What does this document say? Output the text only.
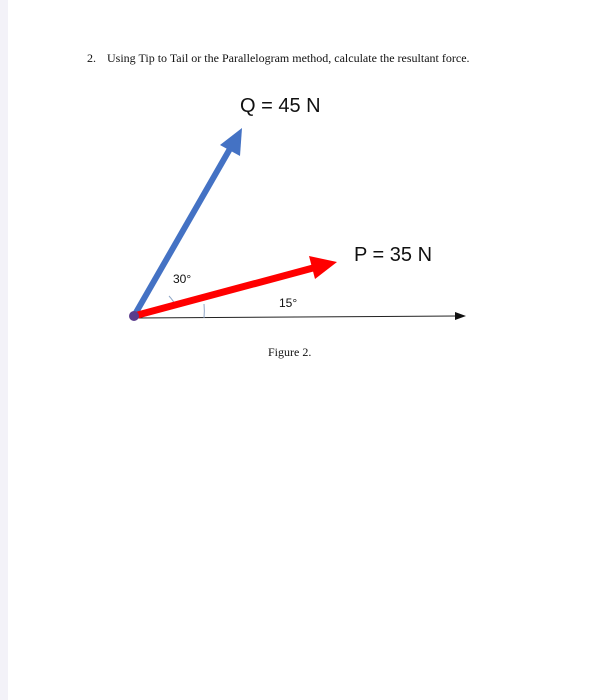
2. Using Tip to Tail or the Parallelogram method, calculate the resultant force.
Q = 45 N
P = 35 N
30°
15°
Figure 2.
